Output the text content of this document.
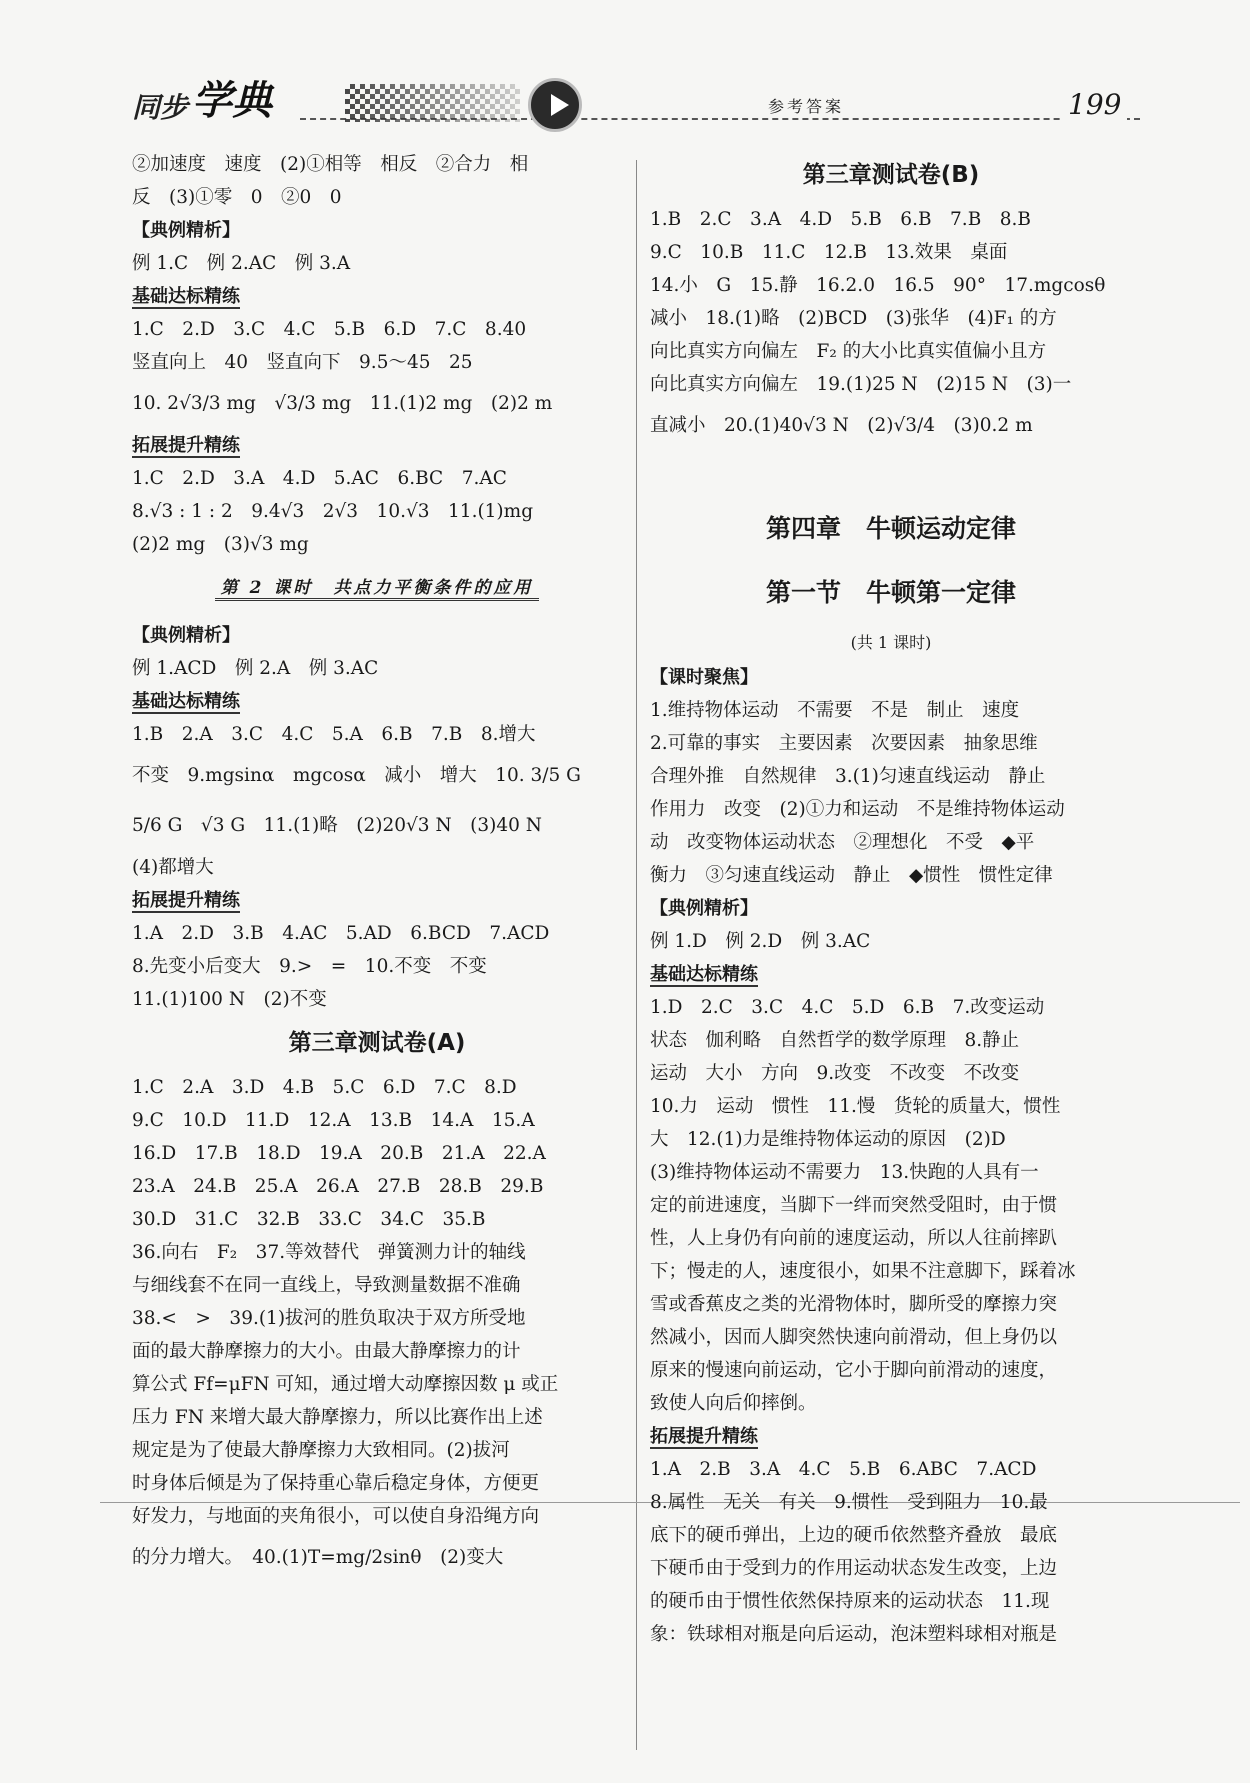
同步 学典	参考答案	199
②加速度　速度　(2)①相等　相反　②合力　相
反　(3)①零　0　②0　0
【典例精析】
例 1.C　例 2.AC　例 3.A
基础达标精练
1.C　2.D　3.C　4.C　5.B　6.D　7.C　8.40
竖直向上　40　竖直向下　9.5～45　25
10. 2√3/3 mg　√3/3 mg　11.(1)2 mg　(2)2 m
拓展提升精练
1.C　2.D　3.A　4.D　5.AC　6.BC　7.AC
8.√3 : 1 : 2　9.4√3　2√3　10.√3　11.(1)mg
(2)2 mg　(3)√3 mg
第 2 课时　共点力平衡条件的应用
【典例精析】
例 1.ACD　例 2.A　例 3.AC
基础达标精练
1.B　2.A　3.C　4.C　5.A　6.B　7.B　8.增大
不变　9.mgsinα　mgcosα　减小　增大　10. 3/5 G
5/6 G　√3 G　11.(1)略　(2)20√3 N　(3)40 N
(4)都增大
拓展提升精练
1.A　2.D　3.B　4.AC　5.AD　6.BCD　7.ACD
8.先变小后变大　9.>　=　10.不变　不变
11.(1)100 N　(2)不变
第三章测试卷(A)
1.C　2.A　3.D　4.B　5.C　6.D　7.C　8.D
9.C　10.D　11.D　12.A　13.B　14.A　15.A
16.D　17.B　18.D　19.A　20.B　21.A　22.A
23.A　24.B　25.A　26.A　27.B　28.B　29.B
30.D　31.C　32.B　33.C　34.C　35.B
36.向右　F₂　37.等效替代　弹簧测力计的轴线
与细线套不在同一直线上，导致测量数据不准确
38.<　>　39.(1)拔河的胜负取决于双方所受地
面的最大静摩擦力的大小。由最大静摩擦力的计
算公式 Ff=μFN 可知，通过增大动摩擦因数 μ 或正
压力 FN 来增大最大静摩擦力，所以比赛作出上述
规定是为了使最大静摩擦力大致相同。(2)拔河
时身体后倾是为了保持重心靠后稳定身体，方便更
好发力，与地面的夹角很小，可以使自身沿绳方向
的分力增大。　40.(1)T=mg/2sinθ　(2)变大
第三章测试卷(B)
1.B　2.C　3.A　4.D　5.B　6.B　7.B　8.B
9.C　10.B　11.C　12.B　13.效果　桌面
14.小　G　15.静　16.2.0　16.5　90°　17.mgcosθ
减小　18.(1)略　(2)BCD　(3)张华　(4)F₁ 的方
向比真实方向偏左　F₂ 的大小比真实值偏小且方
向比真实方向偏左　19.(1)25 N　(2)15 N　(3)一
直减小　20.(1)40√3 N　(2)√3/4　(3)0.2 m
第四章　牛顿运动定律
第一节　牛顿第一定律
(共 1 课时)
【课时聚焦】
1.维持物体运动　不需要　不是　制止　速度
2.可靠的事实　主要因素　次要因素　抽象思维
合理外推　自然规律　3.(1)匀速直线运动　静止
作用力　改变　(2)①力和运动　不是维持物体运动
动　改变物体运动状态　②理想化　不受　◆平
衡力　③匀速直线运动　静止　◆惯性　惯性定律
【典例精析】
例 1.D　例 2.D　例 3.AC
基础达标精练
1.D　2.C　3.C　4.C　5.D　6.B　7.改变运动
状态　伽利略　自然哲学的数学原理　8.静止
运动　大小　方向　9.改变　不改变　不改变
10.力　运动　惯性　11.慢　货轮的质量大，惯性
大　12.(1)力是维持物体运动的原因　(2)D
(3)维持物体运动不需要力　13.快跑的人具有一
定的前进速度，当脚下一绊而突然受阻时，由于惯
性，人上身仍有向前的速度运动，所以人往前摔趴
下；慢走的人，速度很小，如果不注意脚下，踩着冰
雪或香蕉皮之类的光滑物体时，脚所受的摩擦力突
然减小，因而人脚突然快速向前滑动，但上身仍以
原来的慢速向前运动，它小于脚向前滑动的速度，
致使人向后仰摔倒。
拓展提升精练
1.A　2.B　3.A　4.C　5.B　6.ABC　7.ACD
8.属性　无关　有关　9.惯性　受到阻力　10.最
底下的硬币弹出，上边的硬币依然整齐叠放　最底
下硬币由于受到力的作用运动状态发生改变，上边
的硬币由于惯性依然保持原来的运动状态　11.现
象：铁球相对瓶是向后运动，泡沫塑料球相对瓶是
